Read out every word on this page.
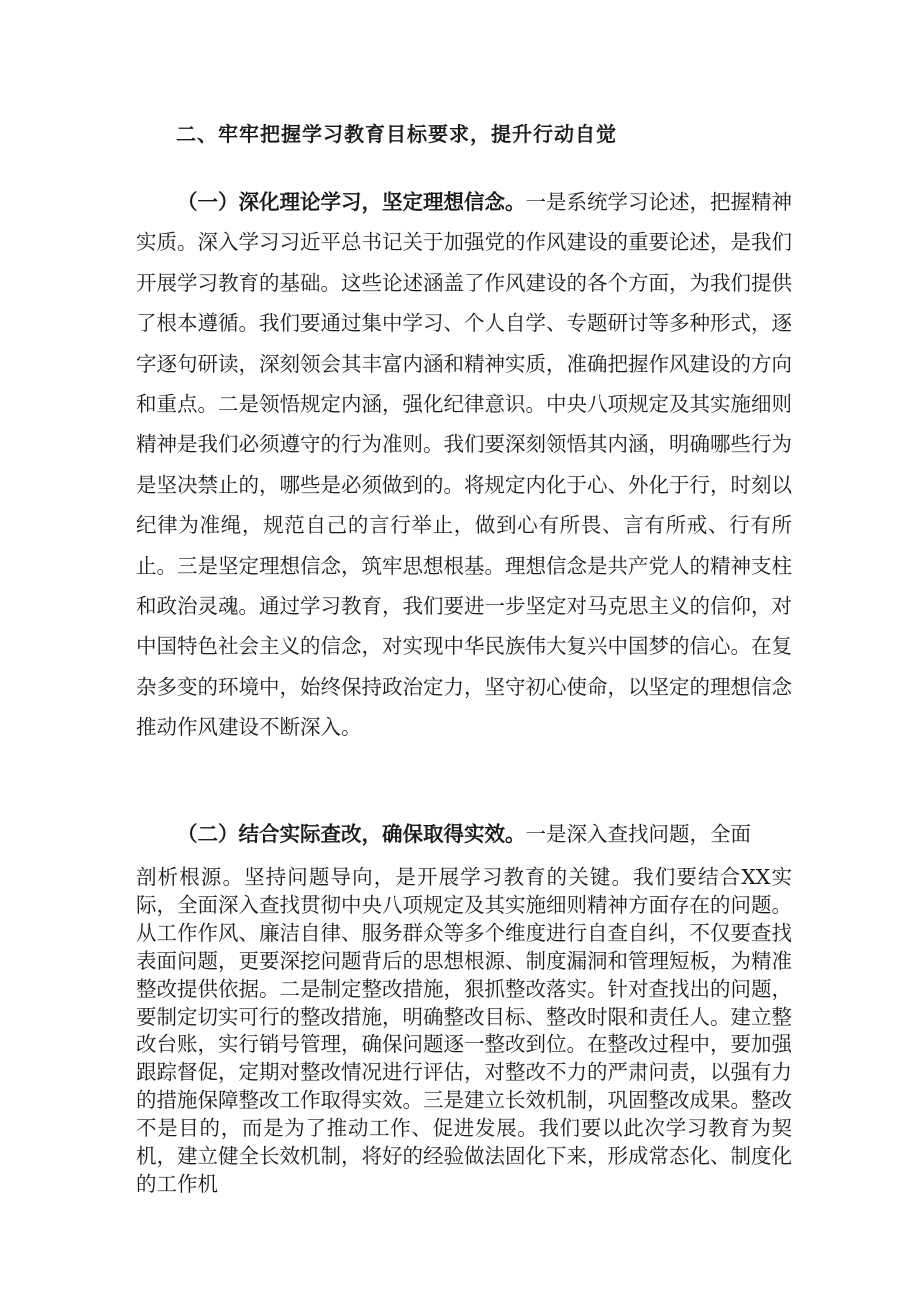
二、牢牢把握学习教育目标要求，提升行动自觉

（一）深化理论学习，坚定理想信念。一是系统学习论述，把握精神实质。深入学习习近平总书记关于加强党的作风建设的重要论述，是我们开展学习教育的基础。这些论述涵盖了作风建设的各个方面，为我们提供了根本遵循。我们要通过集中学习、个人自学、专题研讨等多种形式，逐字逐句研读，深刻领会其丰富内涵和精神实质，准确把握作风建设的方向和重点。二是领悟规定内涵，强化纪律意识。中央八项规定及其实施细则精神是我们必须遵守的行为准则。我们要深刻领悟其内涵，明确哪些行为是坚决禁止的，哪些是必须做到的。将规定内化于心、外化于行，时刻以纪律为准绳，规范自己的言行举止，做到心有所畏、言有所戒、行有所止。三是坚定理想信念，筑牢思想根基。理想信念是共产党人的精神支柱和政治灵魂。通过学习教育，我们要进一步坚定对马克思主义的信仰，对中国特色社会主义的信念，对实现中华民族伟大复兴中国梦的信心。在复杂多变的环境中，始终保持政治定力，坚守初心使命，以坚定的理想信念推动作风建设不断深入。

（二）结合实际查改，确保取得实效。一是深入查找问题，全面

剖析根源。坚持问题导向，是开展学习教育的关键。我们要结合XX实际，全面深入查找贯彻中央八项规定及其实施细则精神方面存在的问题。从工作作风、廉洁自律、服务群众等多个维度进行自查自纠，不仅要查找表面问题，更要深挖问题背后的思想根源、制度漏洞和管理短板，为精准整改提供依据。二是制定整改措施，狠抓整改落实。针对查找出的问题，要制定切实可行的整改措施，明确整改目标、整改时限和责任人。建立整改台账，实行销号管理，确保问题逐一整改到位。在整改过程中，要加强跟踪督促，定期对整改情况进行评估，对整改不力的严肃问责，以强有力的措施保障整改工作取得实效。三是建立长效机制，巩固整改成果。整改不是目的，而是为了推动工作、促进发展。我们要以此次学习教育为契机，建立健全长效机制，将好的经验做法固化下来，形成常态化、制度化的工作机
